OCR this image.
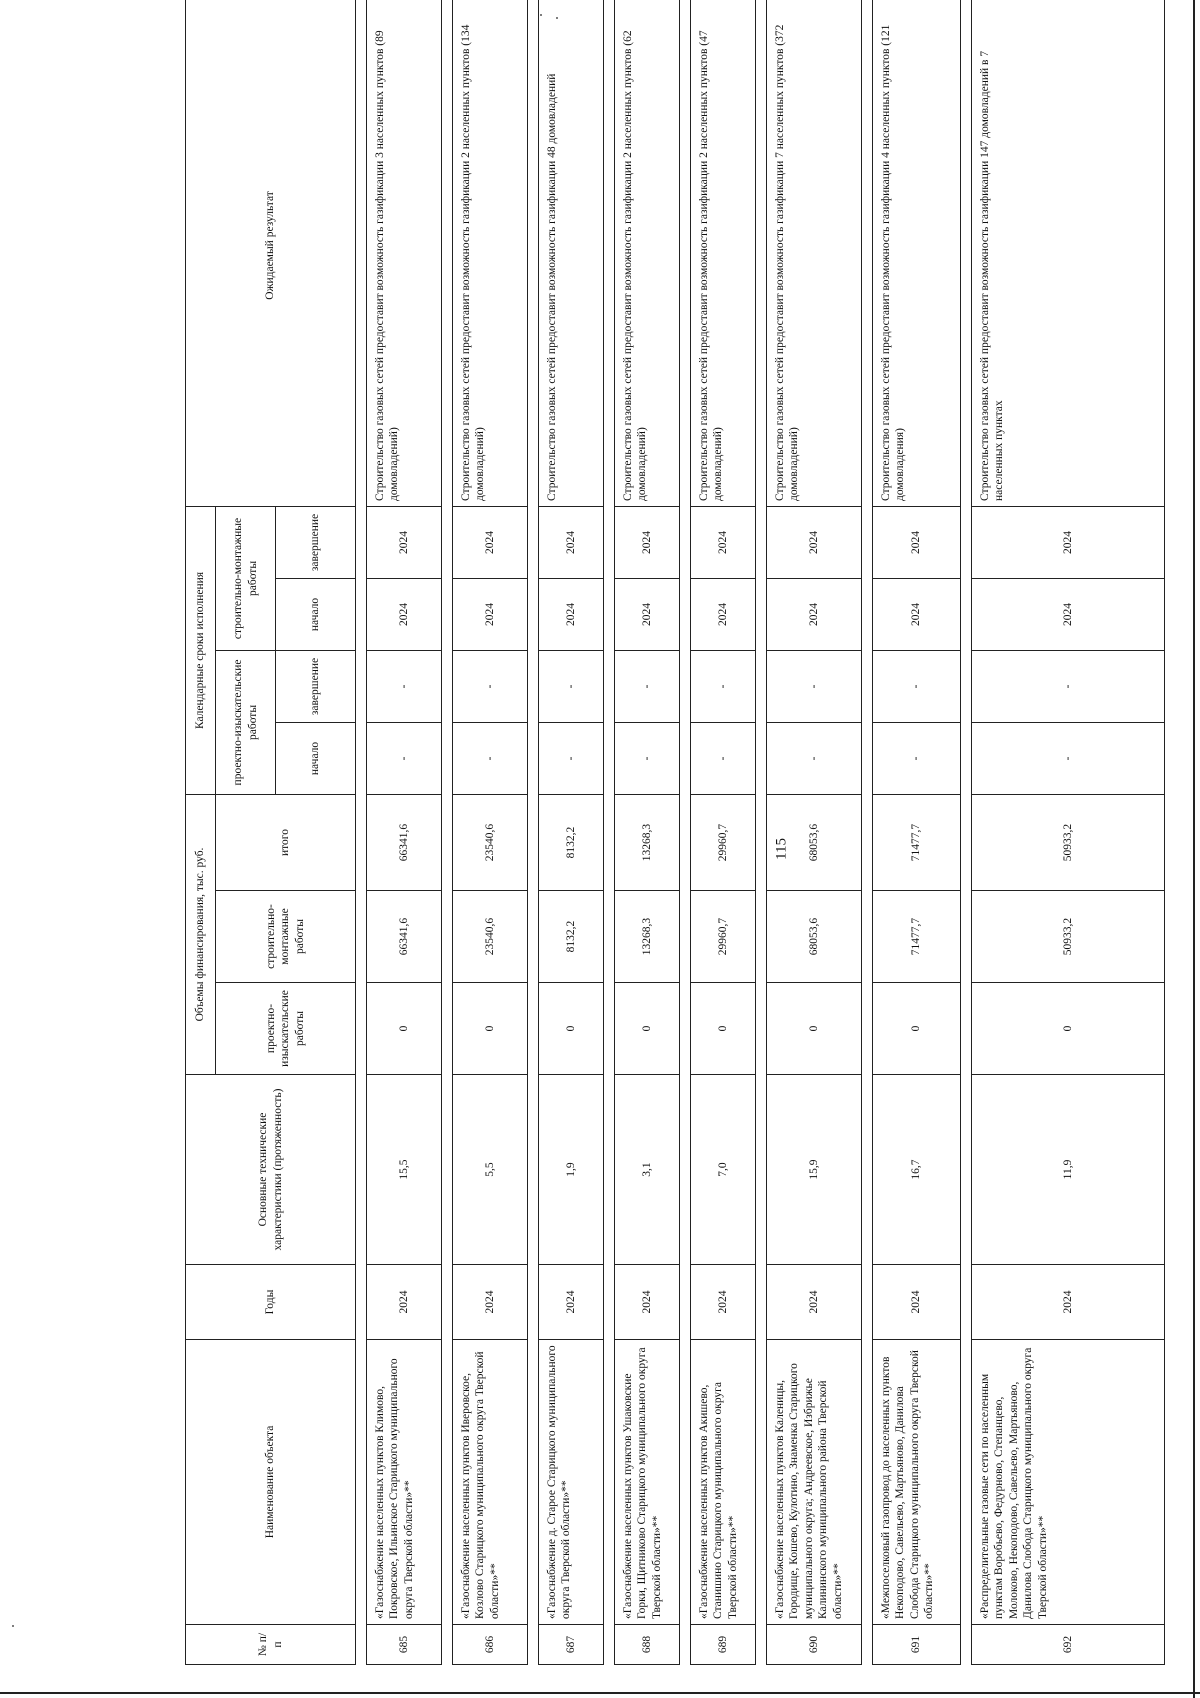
115
№ п/п	Наименование объекта	Годы	Основные технические характеристики (протяженность)	Объемы финансирования, тыс. руб.			Календарные сроки исполнения				Ожидаемый результат
				проектно-изыскательские работы	строительно-монтажные работы	итого	проектно-изыскательские работы		строительно-монтажные работы		
							начало	завершение	начало	завершение	

685	«Газоснабжение населенных пунктов Климово, Покровское, Ильинское Старицкого муниципального округа Тверской области»**	2024	15,5	0	66341,6	66341,6	-	-	2024	2024	Строительство газовых сетей предоставит возможность газификации 3 населенных пунктов (89 домовладений)

686	«Газоснабжение населенных пунктов Иверовское, Козлово Старицкого муниципального округа Тверской области»**	2024	5,5	0	23540,6	23540,6	-	-	2024	2024	Строительство газовых сетей предоставит возможность газификации 2 населенных пунктов (134 домовладений)

687	«Газоснабжение д. Старое Старицкого муниципального округа Тверской области»**	2024	1,9	0	8132,2	8132,2	-	-	2024	2024	Строительство газовых сетей предоставит возможность газификации 48 домовладений

688	«Газоснабжение населенных пунктов Ушаковские Горки, Щитниково Старицкого муниципального округа Тверской области»**	2024	3,1	0	13268,3	13268,3	-	-	2024	2024	Строительство газовых сетей предоставит возможность газификации 2 населенных пунктов (62 домовладений)

689	«Газоснабжение населенных пунктов Акишево, Станишино Старицкого муниципального округа Тверской области»**	2024	7,0	0	29960,7	29960,7	-	-	2024	2024	Строительство газовых сетей предоставит возможность газификации 2 населенных пунктов (47 домовладений)

690	«Газоснабжение населенных пунктов Каленицы, Городище, Кошево, Кулотино, Знаменка Старицкого муниципального округа; Андреевское, Избрижье Калининского муниципального района Тверской области»**	2024	15,9	0	68053,6	68053,6	-	-	2024	2024	Строительство газовых сетей предоставит возможность газификации 7 населенных пунктов (372 домовладений)

691	«Межпоселковый газопровод до населенных пунктов Некоподово, Савельево, Мартьяново, Данилова Слобода Старицкого муниципального округа Тверской области»**	2024	16,7	0	71477,7	71477,7	-	-	2024	2024	Строительство газовых сетей предоставит возможность газификации 4 населенных пунктов (121 домовладения)

692	«Распределительные газовые сети по населенным пунктам Воробьево, Федурново, Степанцево, Молоково, Некоподово, Савельево, Мартьяново, Данилова Слобода Старицкого муниципального округа Тверской области»**	2024	11,9	0	50933,2	50933,2	-	-	2024	2024	Строительство газовых сетей предоставит возможность газификации 147 домовладений в 7 населенных пунктах
